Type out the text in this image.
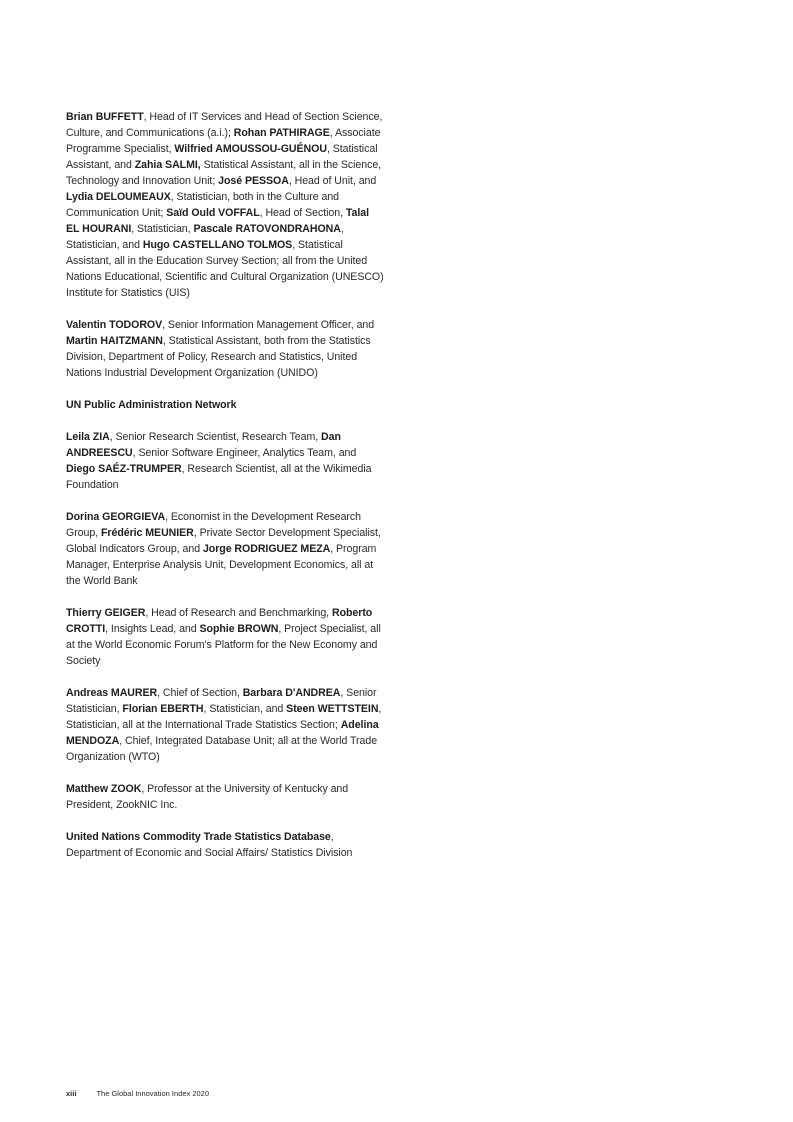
Brian BUFFETT, Head of IT Services and Head of Section Science, Culture, and Communications (a.i.); Rohan PATHIRAGE, Associate Programme Specialist, Wilfried AMOUSSOU-GUÉNOU, Statistical Assistant, and Zahia SALMI, Statistical Assistant, all in the Science, Technology and Innovation Unit; José PESSOA, Head of Unit, and Lydia DELOUMEAUX, Statistician, both in the Culture and Communication Unit; Saïd Ould VOFFAL, Head of Section, Talal EL HOURANI, Statistician, Pascale RATOVONDRAHONA, Statistician, and Hugo CASTELLANO TOLMOS, Statistical Assistant, all in the Education Survey Section; all from the United Nations Educational, Scientific and Cultural Organization (UNESCO) Institute for Statistics (UIS)

Valentin TODOROV, Senior Information Management Officer, and Martin HAITZMANN, Statistical Assistant, both from the Statistics Division, Department of Policy, Research and Statistics, United Nations Industrial Development Organization (UNIDO)

UN Public Administration Network

Leila ZIA, Senior Research Scientist, Research Team, Dan ANDREESCU, Senior Software Engineer, Analytics Team, and Diego SAÉZ-TRUMPER, Research Scientist, all at the Wikimedia Foundation

Dorina GEORGIEVA, Economist in the Development Research Group, Frédéric MEUNIER, Private Sector Development Specialist, Global Indicators Group, and Jorge RODRIGUEZ MEZA, Program Manager, Enterprise Analysis Unit, Development Economics, all at the World Bank

Thierry GEIGER, Head of Research and Benchmarking, Roberto CROTTI, Insights Lead, and Sophie BROWN, Project Specialist, all at the World Economic Forum's Platform for the New Economy and Society

Andreas MAURER, Chief of Section, Barbara D'ANDREA, Senior Statistician, Florian EBERTH, Statistician, and Steen WETTSTEIN, Statistician, all at the International Trade Statistics Section; Adelina MENDOZA, Chief, Integrated Database Unit; all at the World Trade Organization (WTO)

Matthew ZOOK, Professor at the University of Kentucky and President, ZookNIC Inc.

United Nations Commodity Trade Statistics Database, Department of Economic and Social Affairs/ Statistics Division

xiii	The Global Innovation Index 2020
